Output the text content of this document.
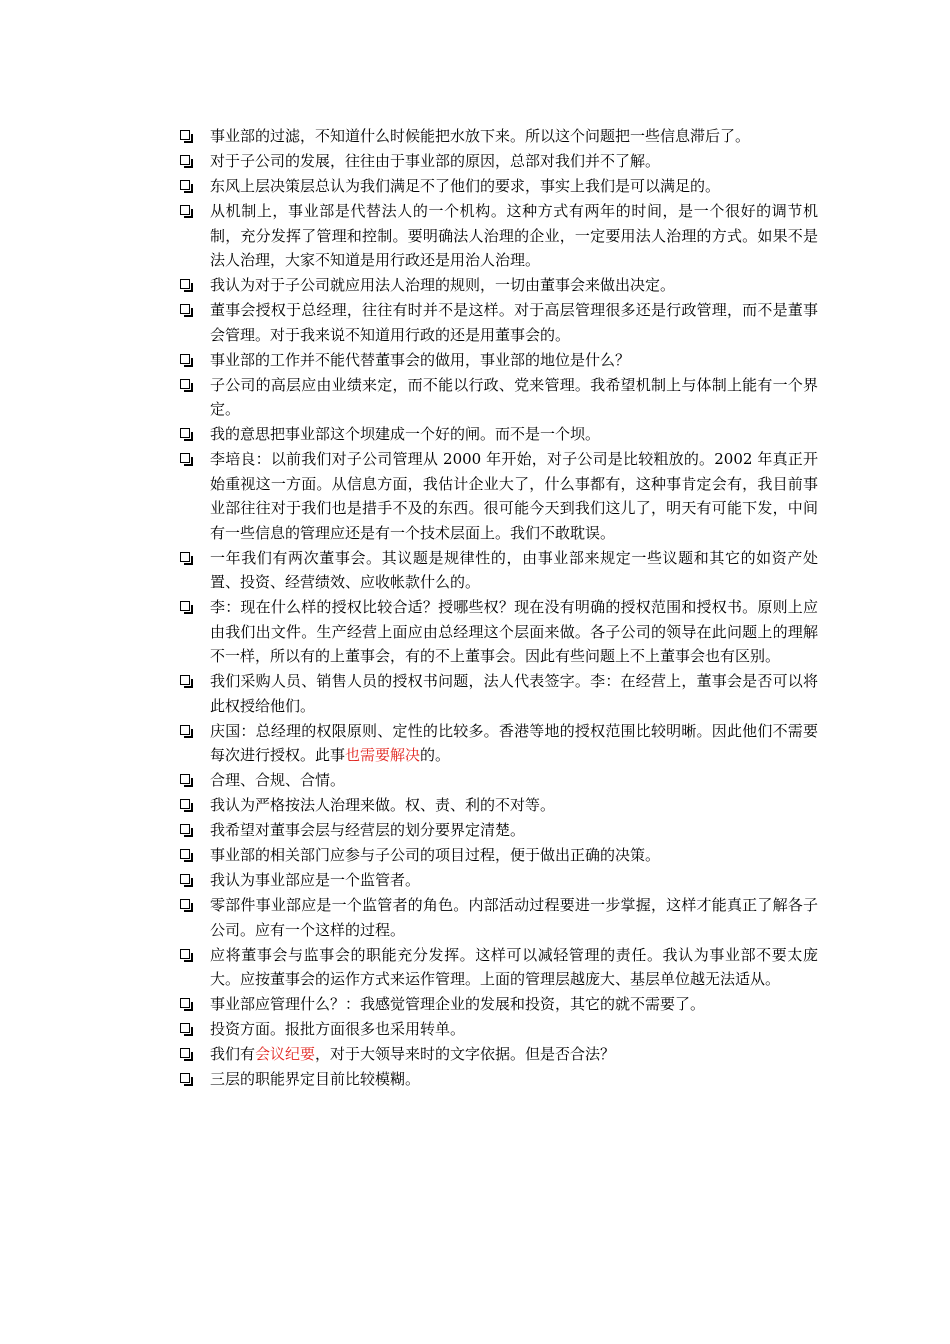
事业部的过滤，不知道什么时候能把水放下来。所以这个问题把一些信息滞后了。
对于子公司的发展，往往由于事业部的原因，总部对我们并不了解。
东风上层决策层总认为我们满足不了他们的要求，事实上我们是可以满足的。
从机制上，事业部是代替法人的一个机构。这种方式有两年的时间，是一个很好的调节机制，充分发挥了管理和控制。要明确法人治理的企业，一定要用法人治理的方式。如果不是法人治理，大家不知道是用行政还是用治人治理。
我认为对于子公司就应用法人治理的规则，一切由董事会来做出决定。
董事会授权于总经理，往往有时并不是这样。对于高层管理很多还是行政管理，而不是董事会管理。对于我来说不知道用行政的还是用董事会的。
事业部的工作并不能代替董事会的做用，事业部的地位是什么？
子公司的高层应由业绩来定，而不能以行政、党来管理。我希望机制上与体制上能有一个界定。
我的意思把事业部这个坝建成一个好的闸。而不是一个坝。
李培良：以前我们对子公司管理从 2000 年开始，对子公司是比较粗放的。2002 年真正开始重视这一方面。从信息方面，我估计企业大了，什么事都有，这种事肯定会有，我目前事业部往往对于我们也是措手不及的东西。很可能今天到我们这儿了，明天有可能下发，中间有一些信息的管理应还是有一个技术层面上。我们不敢耽误。
一年我们有两次董事会。其议题是规律性的，由事业部来规定一些议题和其它的如资产处置、投资、经营绩效、应收帐款什么的。
李：现在什么样的授权比较合适？授哪些权？现在没有明确的授权范围和授权书。原则上应由我们出文件。生产经营上面应由总经理这个层面来做。各子公司的领导在此问题上的理解不一样，所以有的上董事会，有的不上董事会。因此有些问题上不上董事会也有区别。
我们采购人员、销售人员的授权书问题，法人代表签字。李：在经营上，董事会是否可以将此权授给他们。
庆国：总经理的权限原则、定性的比较多。香港等地的授权范围比较明晰。因此他们不需要每次进行授权。此事也需要解决的。
合理、合规、合情。
我认为严格按法人治理来做。权、责、利的不对等。
我希望对董事会层与经营层的划分要界定清楚。
事业部的相关部门应参与子公司的项目过程，便于做出正确的决策。
我认为事业部应是一个监管者。
零部件事业部应是一个监管者的角色。内部活动过程要进一步掌握，这样才能真正了解各子公司。应有一个这样的过程。
应将董事会与监事会的职能充分发挥。这样可以减轻管理的责任。我认为事业部不要太庞大。应按董事会的运作方式来运作管理。上面的管理层越庞大、基层单位越无法适从。
事业部应管理什么？：我感觉管理企业的发展和投资，其它的就不需要了。
投资方面。报批方面很多也采用转单。
我们有会议纪要，对于大领导来时的文字依据。但是否合法？
三层的职能界定目前比较模糊。
